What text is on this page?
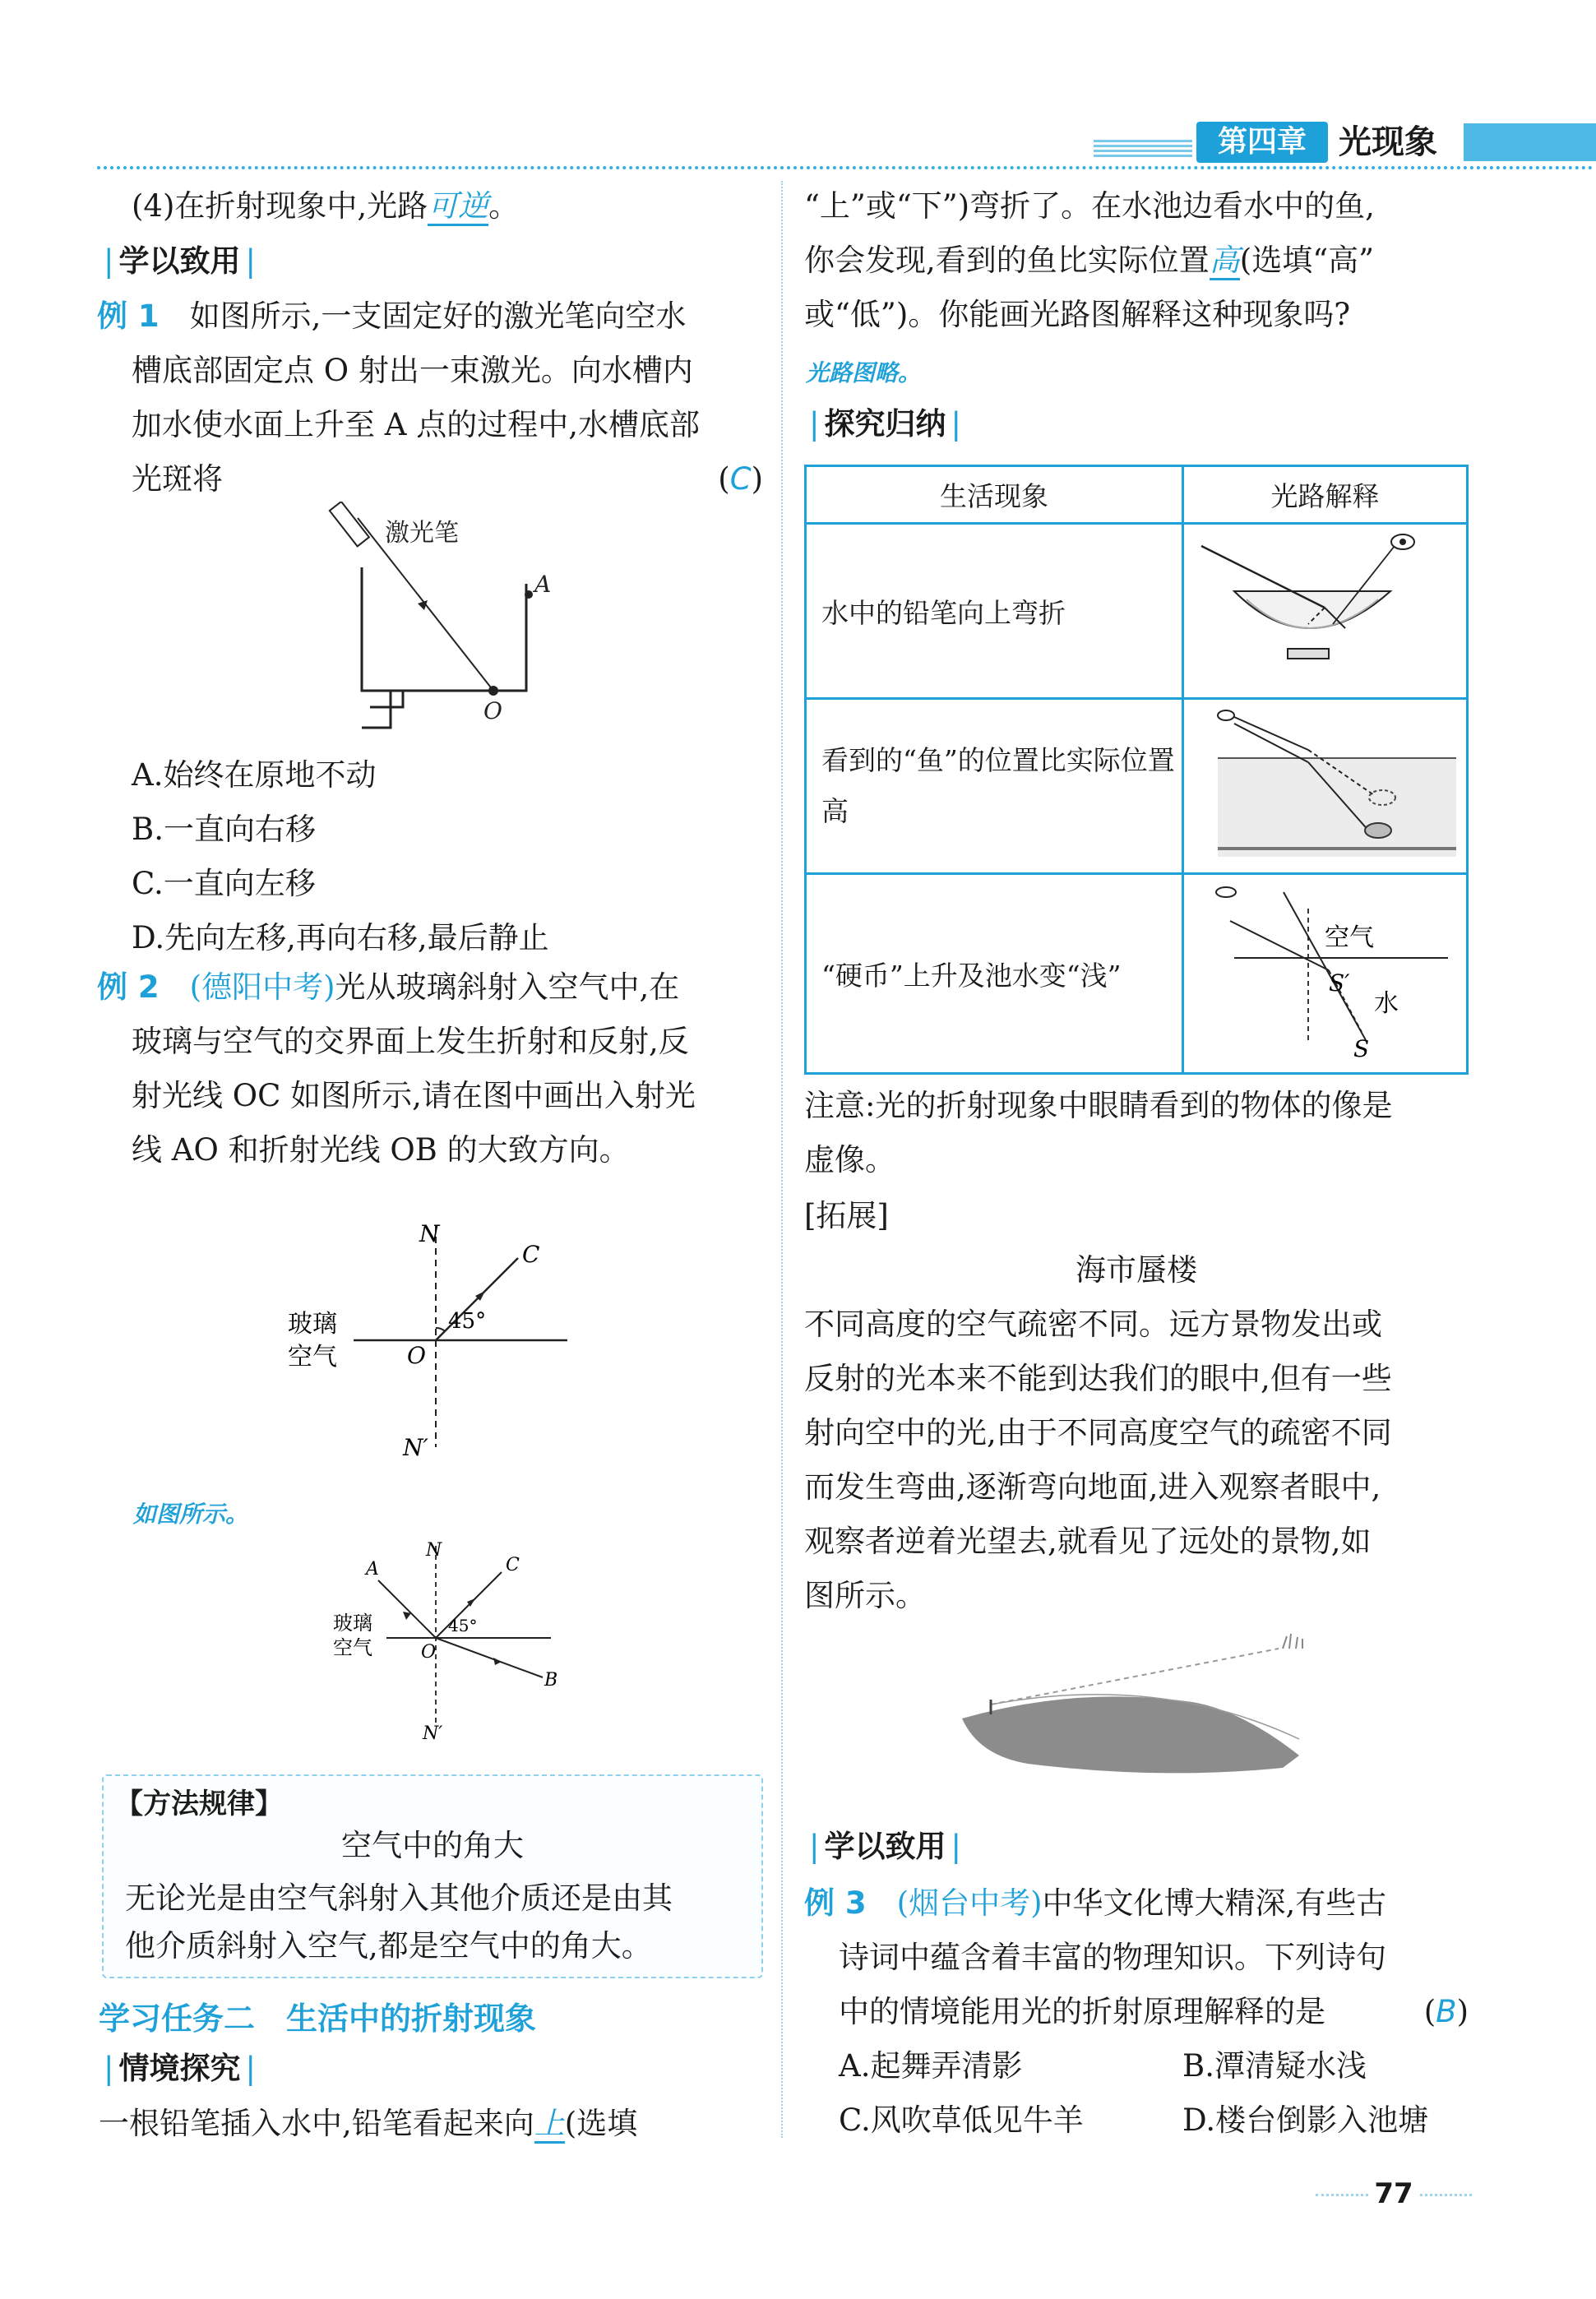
第四章 光现象
(4)在折射现象中,光路可逆。
| 学以致用 |
例 1　 如图所示,一支固定好的激光笔向空水
槽底部固定点 O 射出一束激光。向水槽内
加水使水面上升至 A 点的过程中,水槽底部
光斑将	(C)
激光笔
A
O
A.始终在原地不动
B.一直向右移
C.一直向左移
D.先向左移,再向右移,最后静止
例 2　 (德阳中考)光从玻璃斜射入空气中,在
玻璃与空气的交界面上发生折射和反射,反
射光线 OC 如图所示,请在图中画出入射光
线 AO 和折射光线 OB 的大致方向。
N
C
45°
玻璃
空气	O
N′
如图所示。
A
N
C
45°
玻璃
空气	O
B
N′
【方法规律】
空气中的角大
无论光是由空气斜射入其他介质还是由其
他介质斜射入空气,都是空气中的角大。
学习任务二　生活中的折射现象
| 情境探究 |
一根铅笔插入水中,铅笔看起来向上(选填
“上”或“下”)弯折了。在水池边看水中的鱼,
你会发现,看到的鱼比实际位置高(选填“高”
或“低”)。你能画光路图解释这种现象吗?
光路图略。
| 探究归纳 |
生活现象	光路解释
水中的铅笔向上弯折	
看到的“鱼”的位置比实际位置高	
“硬币”上升及池水变“浅”	空气
S′
水
S
注意:光的折射现象中眼睛看到的物体的像是
虚像。
[拓展]
海市蜃楼
不同高度的空气疏密不同。远方景物发出或
反射的光本来不能到达我们的眼中,但有一些
射向空中的光,由于不同高度空气的疏密不同
而发生弯曲,逐渐弯向地面,进入观察者眼中,
观察者逆着光望去,就看见了远处的景物,如
图所示。
| 学以致用 |
例 3　 (烟台中考)中华文化博大精深,有些古
诗词中蕴含着丰富的物理知识。下列诗句
中的情境能用光的折射原理解释的是	(B)
A.起舞弄清影	B.潭清疑水浅
C.风吹草低见牛羊	D.楼台倒影入池塘
77
